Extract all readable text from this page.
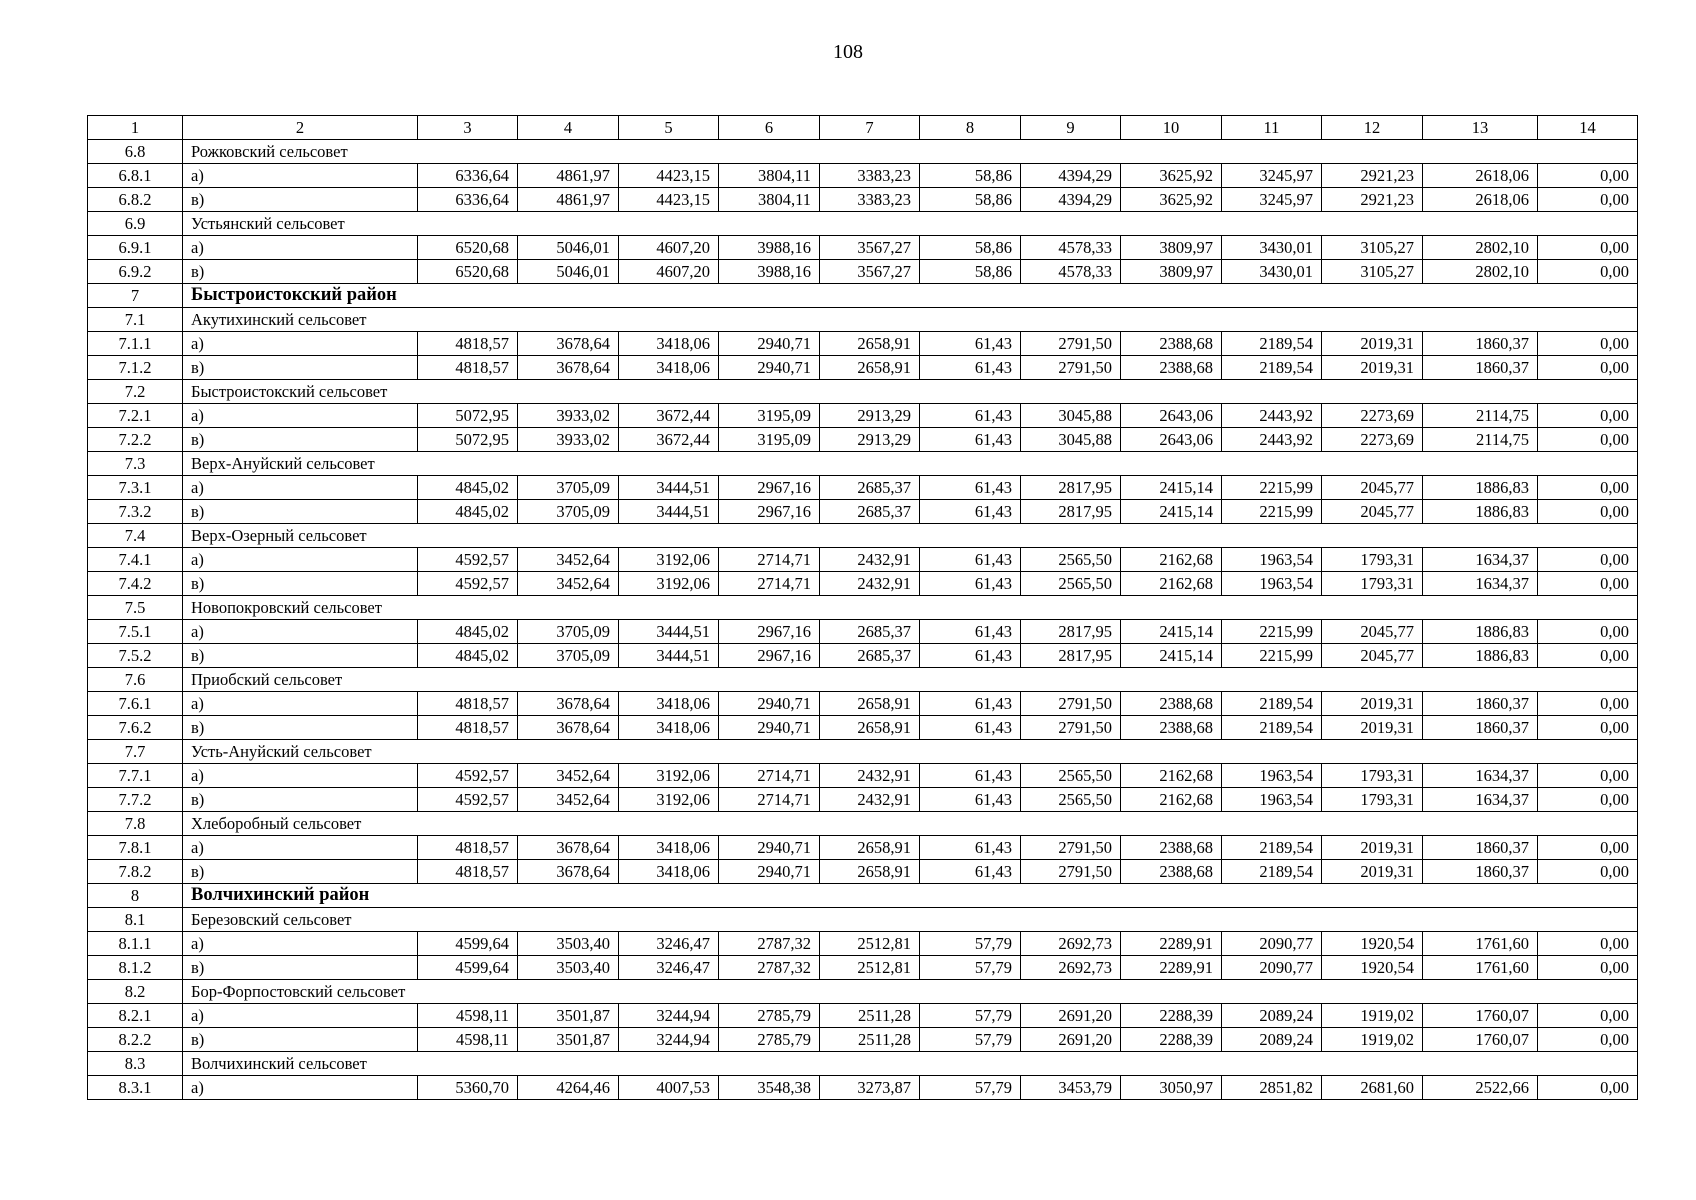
108
1	2	3	4	5	6	7	8	9	10	11	12	13	14
6.8	Рожковский сельсовет												
6.8.1	а)	6336,64	4861,97	4423,15	3804,11	3383,23	58,86	4394,29	3625,92	3245,97	2921,23	2618,06	0,00
6.8.2	в)	6336,64	4861,97	4423,15	3804,11	3383,23	58,86	4394,29	3625,92	3245,97	2921,23	2618,06	0,00
6.9	Устьянский сельсовет												
6.9.1	а)	6520,68	5046,01	4607,20	3988,16	3567,27	58,86	4578,33	3809,97	3430,01	3105,27	2802,10	0,00
6.9.2	в)	6520,68	5046,01	4607,20	3988,16	3567,27	58,86	4578,33	3809,97	3430,01	3105,27	2802,10	0,00
7	Быстроистокский район												
7.1	Акутихинский сельсовет												
7.1.1	а)	4818,57	3678,64	3418,06	2940,71	2658,91	61,43	2791,50	2388,68	2189,54	2019,31	1860,37	0,00
7.1.2	в)	4818,57	3678,64	3418,06	2940,71	2658,91	61,43	2791,50	2388,68	2189,54	2019,31	1860,37	0,00
7.2	Быстроистокский сельсовет												
7.2.1	а)	5072,95	3933,02	3672,44	3195,09	2913,29	61,43	3045,88	2643,06	2443,92	2273,69	2114,75	0,00
7.2.2	в)	5072,95	3933,02	3672,44	3195,09	2913,29	61,43	3045,88	2643,06	2443,92	2273,69	2114,75	0,00
7.3	Верх-Ануйский сельсовет												
7.3.1	а)	4845,02	3705,09	3444,51	2967,16	2685,37	61,43	2817,95	2415,14	2215,99	2045,77	1886,83	0,00
7.3.2	в)	4845,02	3705,09	3444,51	2967,16	2685,37	61,43	2817,95	2415,14	2215,99	2045,77	1886,83	0,00
7.4	Верх-Озерный сельсовет												
7.4.1	а)	4592,57	3452,64	3192,06	2714,71	2432,91	61,43	2565,50	2162,68	1963,54	1793,31	1634,37	0,00
7.4.2	в)	4592,57	3452,64	3192,06	2714,71	2432,91	61,43	2565,50	2162,68	1963,54	1793,31	1634,37	0,00
7.5	Новопокровский сельсовет												
7.5.1	а)	4845,02	3705,09	3444,51	2967,16	2685,37	61,43	2817,95	2415,14	2215,99	2045,77	1886,83	0,00
7.5.2	в)	4845,02	3705,09	3444,51	2967,16	2685,37	61,43	2817,95	2415,14	2215,99	2045,77	1886,83	0,00
7.6	Приобский сельсовет												
7.6.1	а)	4818,57	3678,64	3418,06	2940,71	2658,91	61,43	2791,50	2388,68	2189,54	2019,31	1860,37	0,00
7.6.2	в)	4818,57	3678,64	3418,06	2940,71	2658,91	61,43	2791,50	2388,68	2189,54	2019,31	1860,37	0,00
7.7	Усть-Ануйский сельсовет												
7.7.1	а)	4592,57	3452,64	3192,06	2714,71	2432,91	61,43	2565,50	2162,68	1963,54	1793,31	1634,37	0,00
7.7.2	в)	4592,57	3452,64	3192,06	2714,71	2432,91	61,43	2565,50	2162,68	1963,54	1793,31	1634,37	0,00
7.8	Хлеборобный сельсовет												
7.8.1	а)	4818,57	3678,64	3418,06	2940,71	2658,91	61,43	2791,50	2388,68	2189,54	2019,31	1860,37	0,00
7.8.2	в)	4818,57	3678,64	3418,06	2940,71	2658,91	61,43	2791,50	2388,68	2189,54	2019,31	1860,37	0,00
8	Волчихинский район												
8.1	Березовский сельсовет												
8.1.1	а)	4599,64	3503,40	3246,47	2787,32	2512,81	57,79	2692,73	2289,91	2090,77	1920,54	1761,60	0,00
8.1.2	в)	4599,64	3503,40	3246,47	2787,32	2512,81	57,79	2692,73	2289,91	2090,77	1920,54	1761,60	0,00
8.2	Бор-Форпостовский сельсовет												
8.2.1	а)	4598,11	3501,87	3244,94	2785,79	2511,28	57,79	2691,20	2288,39	2089,24	1919,02	1760,07	0,00
8.2.2	в)	4598,11	3501,87	3244,94	2785,79	2511,28	57,79	2691,20	2288,39	2089,24	1919,02	1760,07	0,00
8.3	Волчихинский сельсовет												
8.3.1	а)	5360,70	4264,46	4007,53	3548,38	3273,87	57,79	3453,79	3050,97	2851,82	2681,60	2522,66	0,00
